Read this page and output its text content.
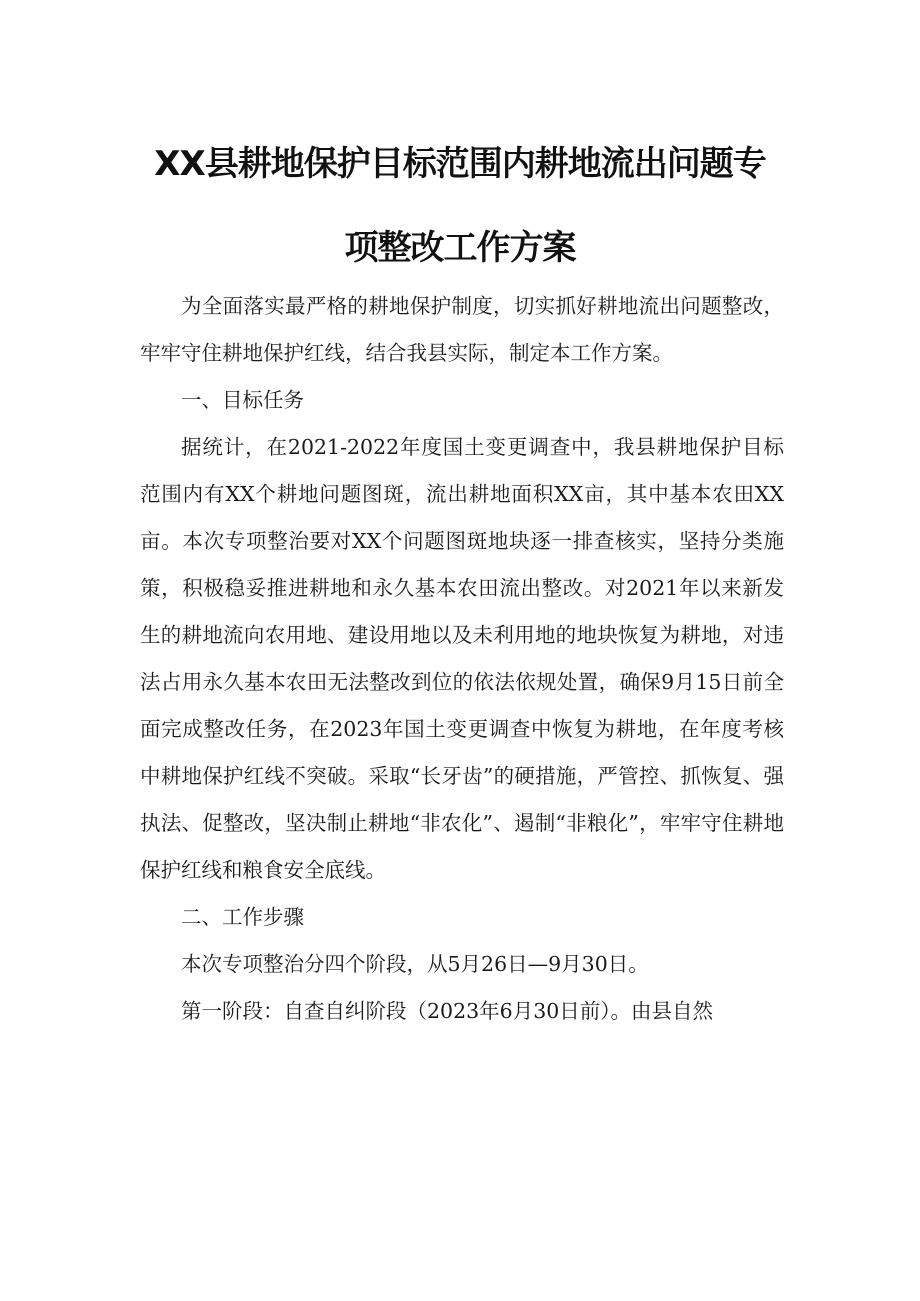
XX县耕地保护目标范围内耕地流出问题专
项整改工作方案

为全面落实最严格的耕地保护制度，切实抓好耕地流出问题整改，牢牢守住耕地保护红线，结合我县实际，制定本工作方案。

一、目标任务

据统计，在2021-2022年度国土变更调查中，我县耕地保护目标范围内有XX个耕地问题图斑，流出耕地面积XX亩，其中基本农田XX亩。本次专项整治要对XX个问题图斑地块逐一排查核实，坚持分类施策，积极稳妥推进耕地和永久基本农田流出整改。对2021年以来新发生的耕地流向农用地、建设用地以及未利用地的地块恢复为耕地，对违法占用永久基本农田无法整改到位的依法依规处置，确保9月15日前全面完成整改任务，在2023年国土变更调查中恢复为耕地，在年度考核中耕地保护红线不突破。采取“长牙齿”的硬措施，严管控、抓恢复、强执法、促整改，坚决制止耕地“非农化”、遏制“非粮化”，牢牢守住耕地保护红线和粮食安全底线。

二、工作步骤

本次专项整治分四个阶段，从5月26日—9月30日。

第一阶段：自查自纠阶段（2023年6月30日前）。由县自然
